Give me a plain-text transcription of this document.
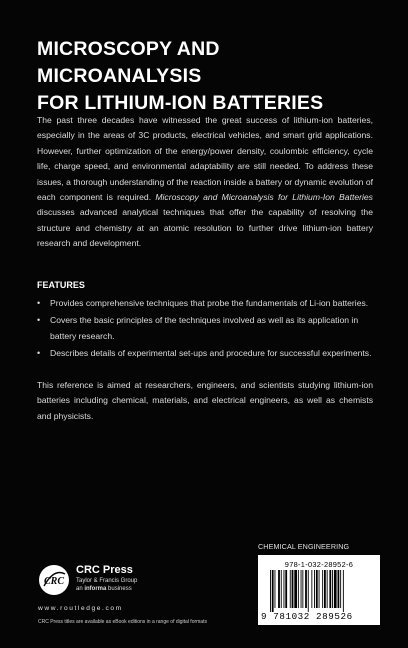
MICROSCOPY AND MICROANALYSIS
FOR LITHIUM-ION BATTERIES

The past three decades have witnessed the great success of lithium-ion batteries, especially in the areas of 3C products, electrical vehicles, and smart grid applications. However, further optimization of the energy/power density, coulombic efficiency, cycle life, charge speed, and environmental adaptability are still needed. To address these issues, a thorough understanding of the reaction inside a battery or dynamic evolution of each component is required. Microscopy and Microanalysis for Lithium-Ion Batteries discusses advanced analytical techniques that offer the capability of resolving the structure and chemistry at an atomic resolution to further drive lithium-ion battery research and development.

FEATURES

• Provides comprehensive techniques that probe the fundamentals of Li-ion batteries.
• Covers the basic principles of the techniques involved as well as its application in battery research.
• Describes details of experimental set-ups and procedure for successful experiments.

This reference is aimed at researchers, engineers, and scientists studying lithium-ion batteries including chemical, materials, and electrical engineers, as well as chemists and physicists.

CHEMICAL ENGINEERING
978-1-032-28952-6
9 781032 289526
CRC
CRC Press
Taylor & Francis Group
an informa business
www.routledge.com
CRC Press titles are available as eBook editions in a range of digital formats
